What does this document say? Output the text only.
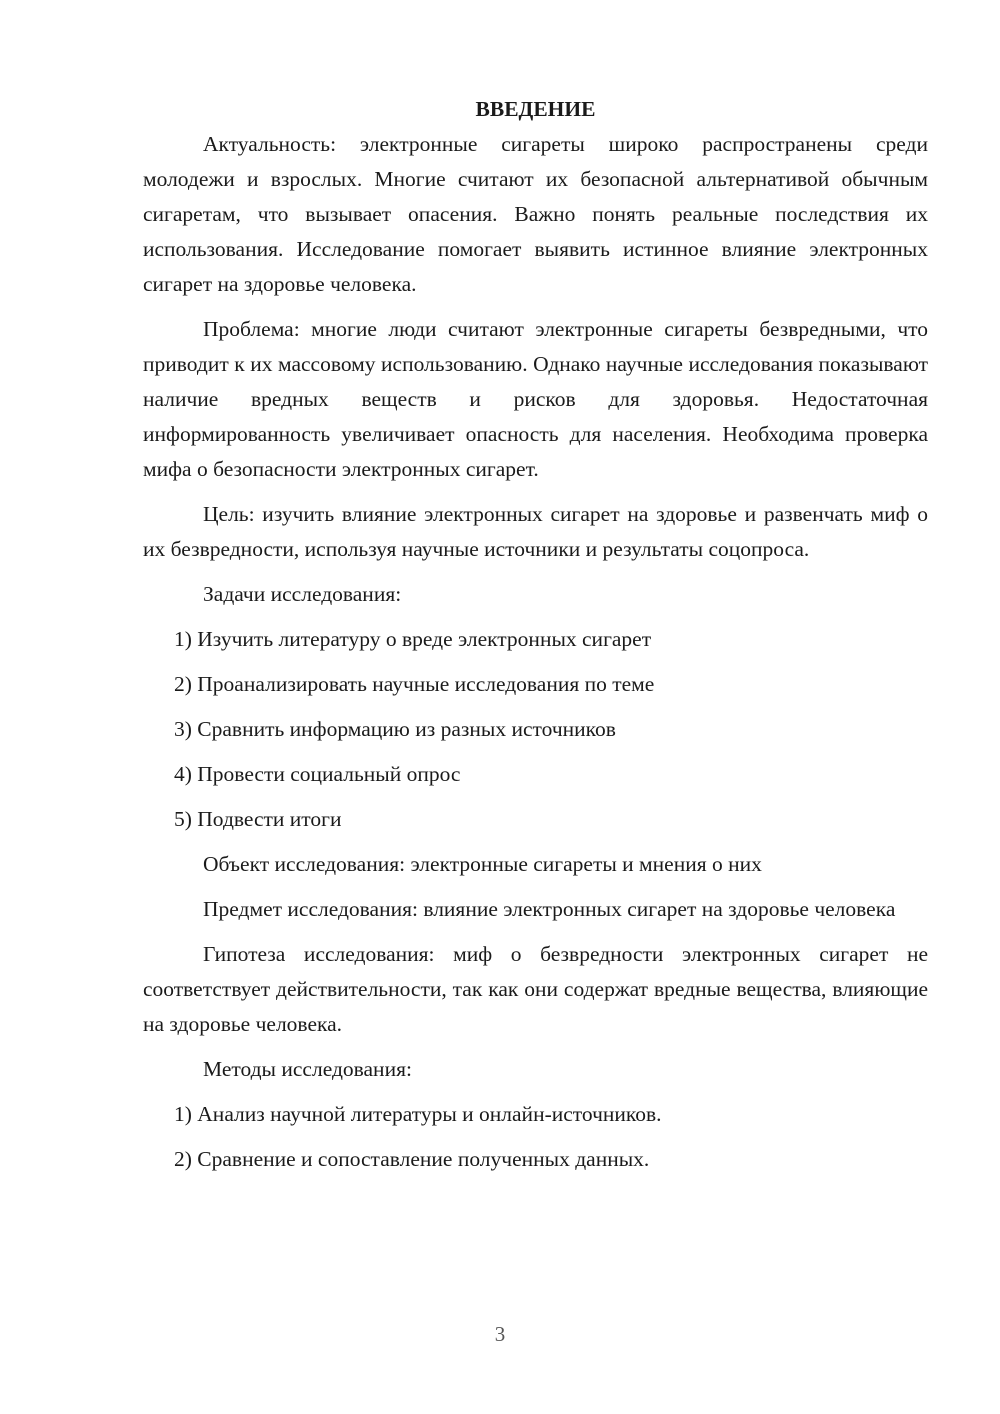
ВВЕДЕНИЕ

Актуальность: электронные сигареты широко распространены среди молодежи и взрослых. Многие считают их безопасной альтернативой обычным сигаретам, что вызывает опасения. Важно понять реальные последствия их использования. Исследование помогает выявить истинное влияние электронных сигарет на здоровье человека.

Проблема: многие люди считают электронные сигареты безвредными, что приводит к их массовому использованию. Однако научные исследования показывают наличие вредных веществ и рисков для здоровья. Недостаточная информированность увеличивает опасность для населения. Необходима проверка мифа о безопасности электронных сигарет.

Цель: изучить влияние электронных сигарет на здоровье и развенчать миф о их безвредности, используя научные источники и результаты соцопроса.

Задачи исследования:

1) Изучить литературу о вреде электронных сигарет
2) Проанализировать научные исследования по теме
3) Сравнить информацию из разных источников
4) Провести социальный опрос
5) Подвести итоги

Объект исследования: электронные сигареты и мнения о них

Предмет исследования: влияние электронных сигарет на здоровье человека

Гипотеза исследования: миф о безвредности электронных сигарет не соответствует действительности, так как они содержат вредные вещества, влияющие на здоровье человека.

Методы исследования:

1) Анализ научной литературы и онлайн-источников.
2) Сравнение и сопоставление полученных данных.
3
